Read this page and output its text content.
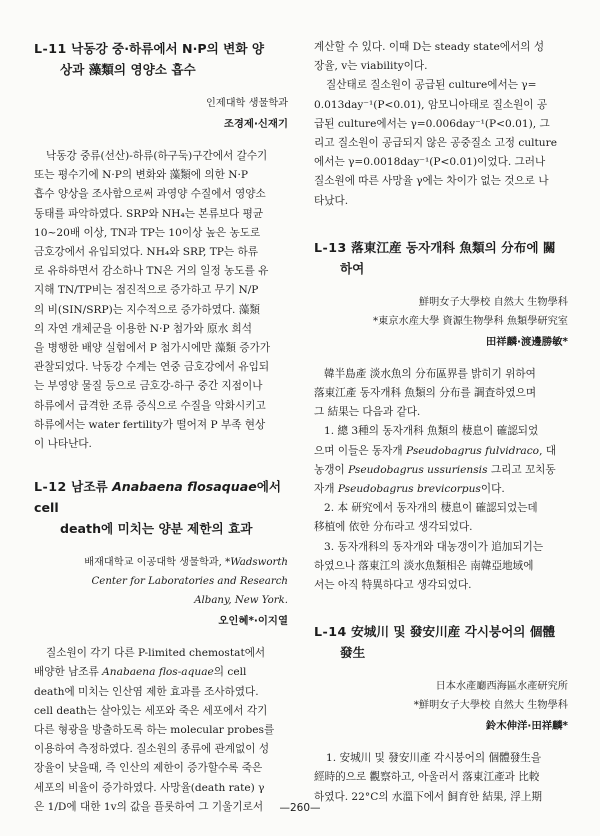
L-11 낙동강 중·하류에서 N·P의 변화 양
상과 藻類의 영양소 흡수
인제대학 생물학과
조경제·신재기

낙동강 중류(선산)-하류(하구둑)구간에서 갈수기

또는 평수기에 N·P의 변화와 藻類에 의한 N·P

흡수 양상을 조사함으로써 과영양 수질에서 영양소

동태를 파악하였다. SRP와 NH₄는 본류보다 평균

10~20배 이상, TN과 TP는 10이상 높은 농도로

금호강에서 유입되었다. NH₄와 SRP, TP는 하류

로 유하하면서 감소하나 TN은 거의 일정 농도를 유

지해 TN/TP비는 점진적으로 증가하고 무기 N/P

의 비(SIN/SRP)는 지수적으로 증가하였다. 藻類

의 자연 개체군을 이용한 N·P 첨가와 原水 희석

을 병행한 배양 실험에서 P 첨가시에만 藻類 증가가

관찰되었다. 낙동강 수계는 연중 금호강에서 유입되

는 부영양 물질 등으로 금호강-하구 중간 지점이나

하류에서 급격한 조류 증식으로 수질을 악화시키고

하류에서는 water fertility가 떨어져 P 부족 현상

이 나타난다.

L-12 남조류 Anabaena flosaquae에서 cell
death에 미치는 양분 제한의 효과
배재대학교 이공대학 생물학과, *Wadsworth
Center for Laboratories and Research
Albany, New York.
오인혜*·이지열

질소원이 각기 다른 P-limited chemostat에서

배양한 남조류 Anabaena flos-aquae의 cell

death에 미치는 인산염 제한 효과를 조사하였다.

cell death는 살아있는 세포와 죽은 세포에서 각기

다른 형광을 방출하도록 하는 molecular probes를

이용하여 측정하였다. 질소원의 종류에 관계없이 성

장율이 낮을때, 즉 인산의 제한이 증가할수록 죽은

세포의 비율이 증가하였다. 사망율(death rate) γ

은 1/D에 대한 1v의 값을 플롯하여 그 기울기로서

계산할 수 있다. 이때 D는 steady state에서의 성

장율, v는 viability이다.

질산태로 질소원이 공급된 culture에서는 γ=

0.013day⁻¹(P<0.01), 암모니아태로 질소원이 공

급된 culture에서는 γ=0.006day⁻¹(P<0.01), 그

리고 질소원이 공급되지 않은 공중질소 고정 culture

에서는 γ=0.0018day⁻¹(P<0.01)이었다. 그러나

질소원에 따른 사망율 γ에는 차이가 없는 것으로 나

타났다.

L-13 落東江産 동자개科 魚類의 分布에 關
하여
鮮明女子大學校 自然大 生物學科
*東京水産大學 資源生物學科 魚類學研究室
田祥麟·渡邊勝敏*

韓半島產 淡水魚의 分布區界를 밝히기 위하여

落東江產 동자개科 魚類의 分布를 調査하였으며

그 結果는 다음과 같다.

1. 總 3種의 동자개科 魚類의 棲息이 確認되었

으며 이들은 동자개 Pseudobagrus fulvidraco, 대

농갱이 Pseudobagrus ussuriensis 그리고 꼬치동

자개 Pseudobagrus brevicorpus이다.

2. 本 研究에서 동자개의 棲息이 確認되었는데

移植에 依한 分布라고 생각되었다.

3. 동자개科의 동자개와 대농갱이가 追加되기는

하였으나 落東江의 淡水魚類相은 南韓亞地域에

서는 아직 特異하다고 생각되었다.

L-14 安城川 및 發安川産 각시붕어의 個體
發生
日本水產廳西海區水產研究所
*鮮明女子大學校 自然大 生物學科
鈴木伸洋·田祥麟*

1. 安城川 및 發安川產 각시붕어의 個體發生을

經時的으로 觀察하고, 아울러서 落東江產과 比較

하였다. 22°C의 水溫下에서 飼育한 結果, 浮上期

—260—
